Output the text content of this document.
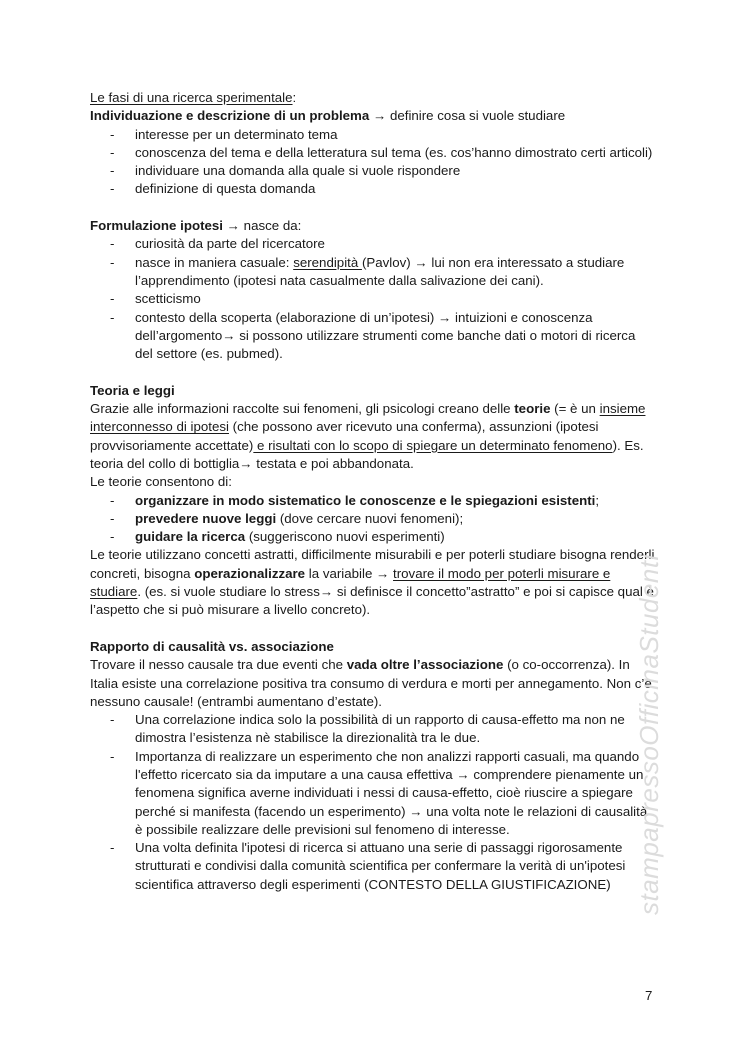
Le fasi di una ricerca sperimentale:

Individuazione e descrizione di un problema → definire cosa si vuole studiare

- interesse per un determinato tema
- conoscenza del tema e della letteratura sul tema (es. cos’hanno dimostrato certi articoli)
- individuare una domanda alla quale si vuole rispondere
- definizione di questa domanda

Formulazione ipotesi → nasce da:

- curiosità da parte del ricercatore
- nasce in maniera casuale: serendipità (Pavlov) → lui non era interessato a studiare l’apprendimento (ipotesi nata casualmente dalla salivazione dei cani).
- scetticismo
- contesto della scoperta (elaborazione di un’ipotesi) → intuizioni e conoscenza dell’argomento→ si possono utilizzare strumenti come banche dati o motori di ricerca del settore (es. pubmed).

Teoria e leggi

Grazie alle informazioni raccolte sui fenomeni, gli psicologi creano delle teorie (= è un insieme interconnesso di ipotesi (che possono aver ricevuto una conferma), assunzioni (ipotesi provvisoriamente accettate) e risultati con lo scopo di spiegare un determinato fenomeno). Es. teoria del collo di bottiglia→ testata e poi abbandonata.

Le teorie consentono di:

- organizzare in modo sistematico le conoscenze e le spiegazioni esistenti;
- prevedere nuove leggi (dove cercare nuovi fenomeni);
- guidare la ricerca (suggeriscono nuovi esperimenti)

Le teorie utilizzano concetti astratti, difficilmente misurabili e per poterli studiare bisogna renderli concreti, bisogna operazionalizzare la variabile → trovare il modo per poterli misurare e studiare. (es. si vuole studiare lo stress→ si definisce il concetto”astratto” e poi si capisce qual è l’aspetto che si può misurare a livello concreto).

Rapporto di causalità vs. associazione

Trovare il nesso causale tra due eventi che vada oltre l’associazione (o co-occorrenza). In Italia esiste una correlazione positiva tra consumo di verdura e morti per annegamento. Non c’è nessuno causale! (entrambi aumentano d’estate).

- Una correlazione indica solo la possibilità di un rapporto di causa-effetto ma non ne dimostra l’esistenza nè stabilisce la direzionalità tra le due.
- Importanza di realizzare un esperimento che non analizzi rapporti casuali, ma quando l'effetto ricercato sia da imputare a una causa effettiva → comprendere pienamente un fenomena significa averne individuati i nessi di causa-effetto, cioè riuscire a spiegare perché si manifesta (facendo un esperimento) → una volta note le relazioni di causalità è possibile realizzare delle previsioni sul fenomeno di interesse.
- Una volta definita l'ipotesi di ricerca si attuano una serie di passaggi rigorosamente strutturati e condivisi dalla comunità scientifica per confermare la verità di un'ipotesi scientifica attraverso degli esperimenti (CONTESTO DELLA GIUSTIFICAZIONE) stampapressoOfficinaStudenti
7
